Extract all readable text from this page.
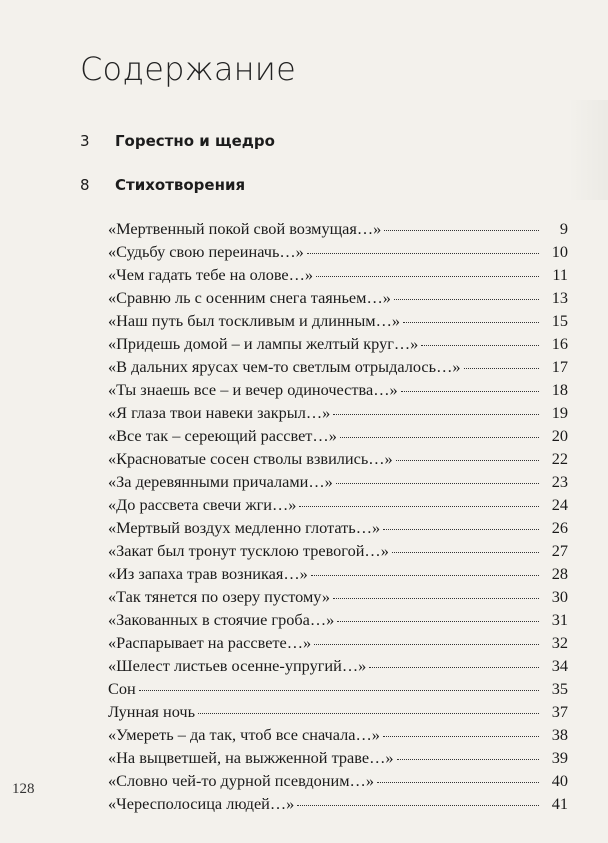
Содержание
3	Горестно и щедро
8	Стихотворения
«Мертвенный покой свой возмущая…»	9
«Судьбу свою переиначь…»	10
«Чем гадать тебе на олове…»	11
«Сравню ль с осенним снега таяньем…»	13
«Наш путь был тоскливым и длинным…»	15
«Придешь домой – и лампы желтый круг…»	16
«В дальних ярусах чем-то светлым отрыдалось…»	17
«Ты знаешь все – и вечер одиночества…»	18
«Я глаза твои навеки закрыл…»	19
«Все так – сереющий рассвет…»	20
«Красноватые сосен стволы взвились…»	22
«За деревянными причалами…»	23
«До рассвета свечи жги…»	24
«Мертвый воздух медленно глотать…»	26
«Закат был тронут тусклою тревогой…»	27
«Из запаха трав возникая…»	28
«Так тянется по озеру пустому»	30
«Закованных в стоячие гроба…»	31
«Распарывает на рассвете…»	32
«Шелест листьев осенне-упругий…»	34
Сон	35
Лунная ночь	37
«Умереть – да так, чтоб все сначала…»	38
«На выцветшей, на выжженной траве…»	39
«Словно чей-то дурной псевдоним…»	40
«Чересполосица людей…»	41
128
